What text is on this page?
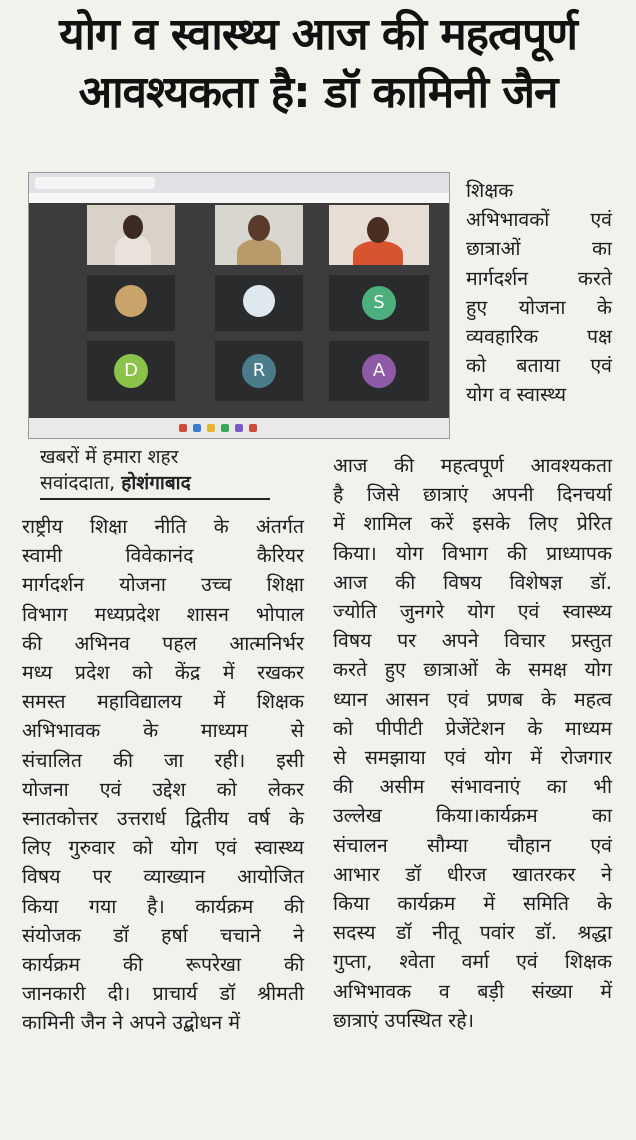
योग व स्वास्थ्य आज की महत्वपूर्ण
आवश्यकता है: डॉ कामिनी जैन
S
D	R	A
खबरों में हमारा शहर
सवांददाता, होशंगाबाद
शिक्षक
अभिभावकों एवं
छात्राओं का
मार्गदर्शन करते
हुए योजना के
व्यवहारिक पक्ष
को बताया एवं
योग व स्वास्थ्य
राष्ट्रीय शिक्षा नीति के अंतर्गत
स्वामी विवेकानंद कैरियर
मार्गदर्शन योजना उच्च शिक्षा
विभाग मध्यप्रदेश शासन भोपाल
की अभिनव पहल आत्मनिर्भर
मध्य प्रदेश को केंद्र में रखकर
समस्त महाविद्यालय में शिक्षक
अभिभावक के माध्यम से
संचालित की जा रही। इसी
योजना एवं उद्देश को लेकर
स्नातकोत्तर उत्तरार्ध द्वितीय वर्ष के
लिए गुरुवार को योग एवं स्वास्थ्य
विषय पर व्याख्यान आयोजित
किया गया है। कार्यक्रम की
संयोजक डॉ हर्षा चचाने ने
कार्यक्रम की रूपरेखा की
जानकारी दी। प्राचार्य डॉ श्रीमती
कामिनी जैन ने अपने उद्बोधन में
आज की महत्वपूर्ण आवश्यकता
है जिसे छात्राएं अपनी दिनचर्या
में शामिल करें इसके लिए प्रेरित
किया। योग विभाग की प्राध्यापक
आज की विषय विशेषज्ञ डॉ.
ज्योति जुनगरे योग एवं स्वास्थ्य
विषय पर अपने विचार प्रस्तुत
करते हुए छात्राओं के समक्ष योग
ध्यान आसन एवं प्रणब के महत्व
को पीपीटी प्रेजेंटेशन के माध्यम
से समझाया एवं योग में रोजगार
की असीम संभावनाएं का भी
उल्लेख किया।कार्यक्रम का
संचालन सौम्या चौहान एवं
आभार डॉ धीरज खातरकर ने
किया कार्यक्रम में समिति के
सदस्य डॉ नीतू पवांर डॉ. श्रद्धा
गुप्ता, श्वेता वर्मा एवं शिक्षक
अभिभावक व बड़ी संख्या में
छात्राएं उपस्थित रहे।
